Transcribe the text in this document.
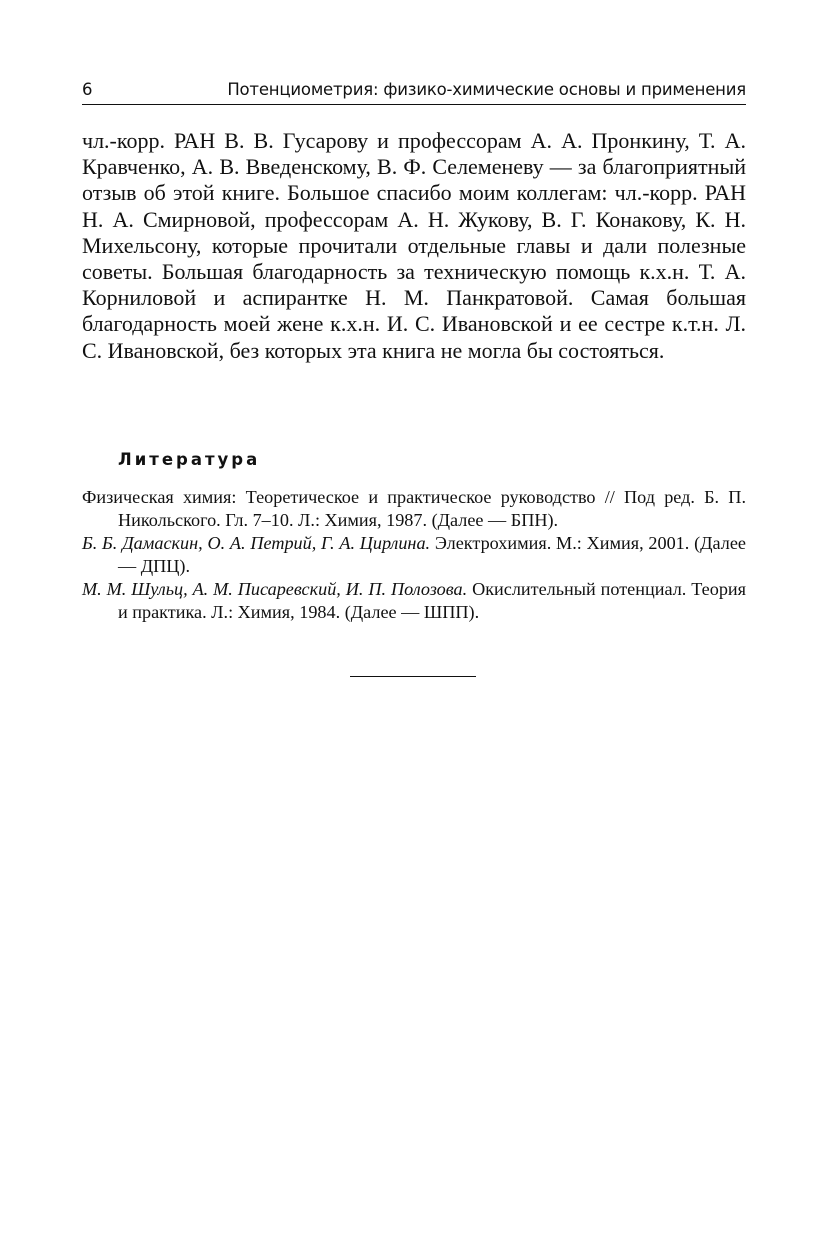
6	Потенциометрия: физико-химические основы и применения

чл.-корр. РАН В. В. Гусарову и профессорам А. А. Пронкину, Т. А. Кравченко, А. В. Введенскому, В. Ф. Селеменеву — за благоприятный отзыв об этой книге. Большое спасибо моим коллегам: чл.-корр. РАН Н. А. Смирновой, профессорам А. Н. Жукову, В. Г. Конакову, К. Н. Михельсону, которые прочитали отдельные главы и дали полезные советы. Большая благодарность за техническую помощь к.х.н. Т. А. Корниловой и аспирантке Н. М. Панкратовой. Самая большая благодарность моей жене к.х.н. И. С. Ивановской и ее сестре к.т.н. Л. С. Ивановской, без которых эта книга не могла бы состояться.

Литература
Физическая химия: Теоретическое и практическое руководство // Под ред. Б. П. Никольского. Гл. 7–10. Л.: Химия, 1987. (Далее — БПН).
Б. Б. Дамаскин, О. А. Петрий, Г. А. Цирлина. Электрохимия. М.: Химия, 2001. (Далее — ДПЦ).
М. М. Шульц, А. М. Писаревский, И. П. Полозова. Окислительный потенциал. Теория и практика. Л.: Химия, 1984. (Далее — ШПП).
